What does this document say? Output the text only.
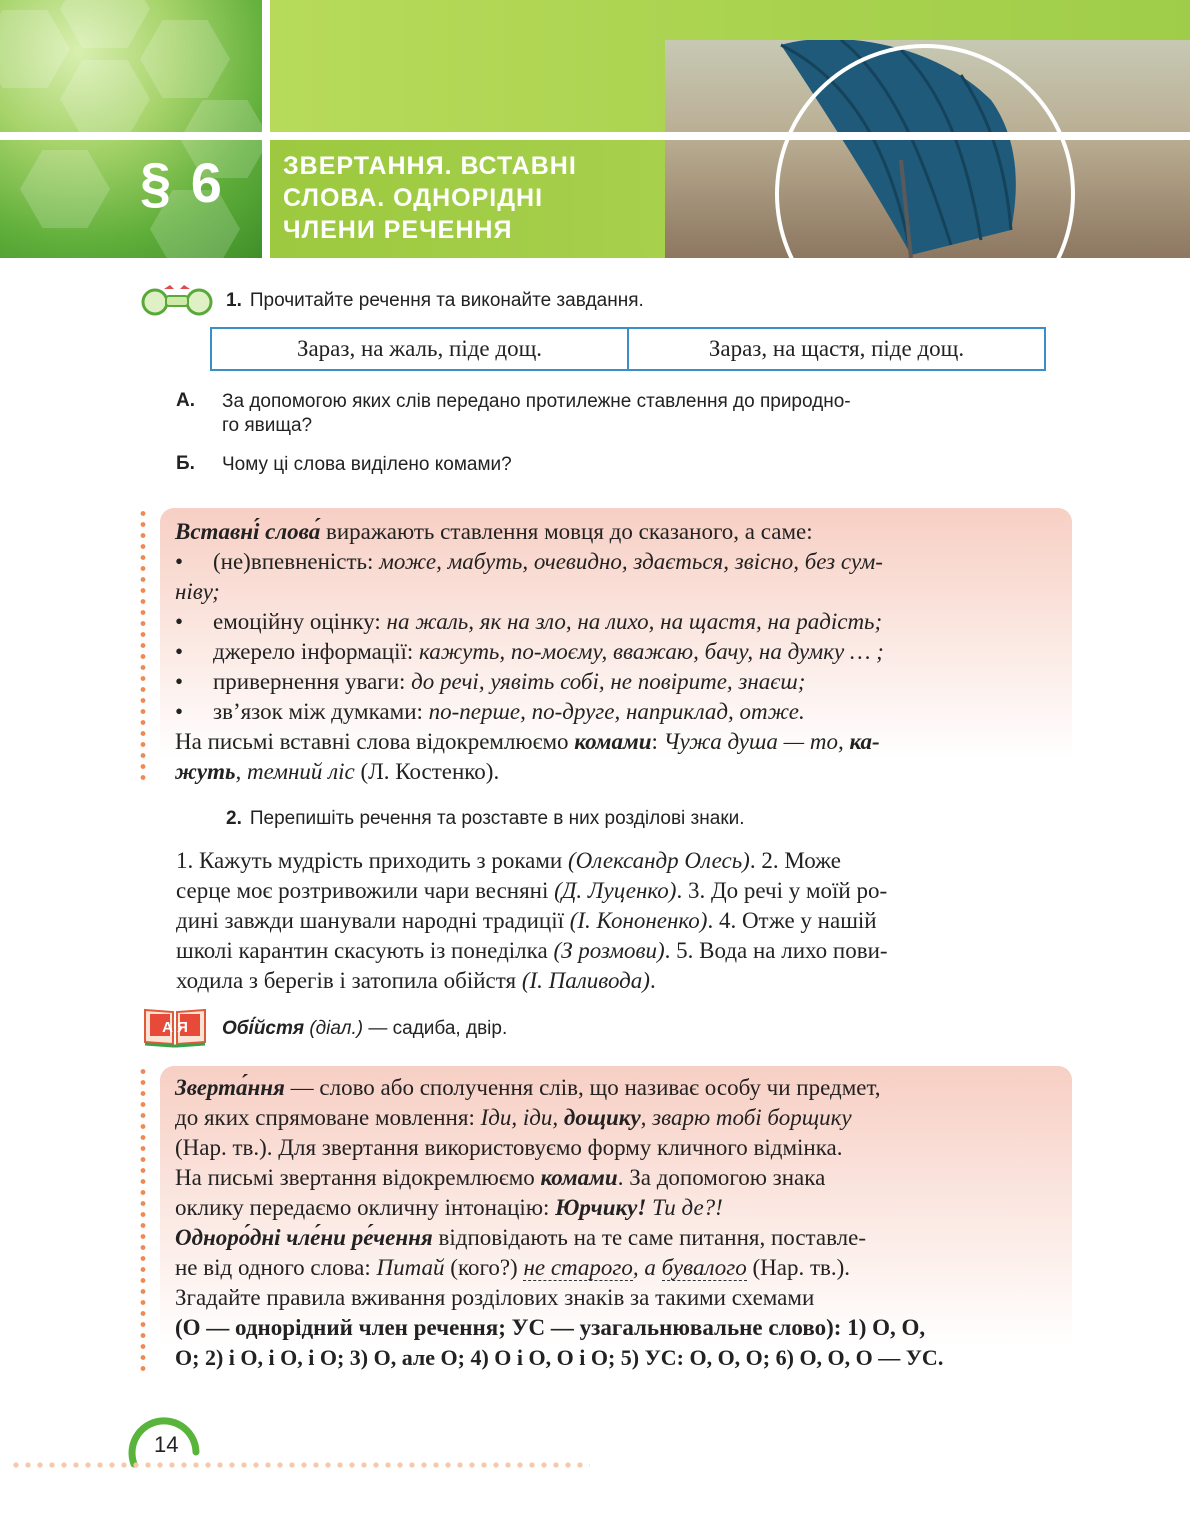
§ 6 ЗВЕРТАННЯ. ВСТАВНІ
СЛОВА. ОДНОРІДНІ
ЧЛЕНИ РЕЧЕННЯ
1. Прочитайте речення та виконайте завдання.
Зараз, на жаль, піде дощ.	Зараз, на щастя, піде дощ.
А. За допомогою яких слів передано протилежне ставлення до природно-
го явища?
Б. Чому ці слова виділено комами?
Вставні́ слова́ виражають ставлення мовця до сказаного, а саме:
• (не)впевненість: може, мабуть, очевидно, здається, звісно, без сум-
ніву;
• емоційну оцінку: на жаль, як на зло, на лихо, на щастя, на радість;
• джерело інформації: кажуть, по-моєму, вважаю, бачу, на думку … ;
• привернення уваги: до речі, уявіть собі, не повірите, знаєш;
• зв’язок між думками: по-перше, по-друге, наприклад, отже.
На письмі вставні слова відокремлюємо комами: Чужа душа — то, ка-
жуть, темний ліс (Л. Костенко).
2. Перепишіть речення та розставте в них розділові знаки.
1. Кажуть мудрість приходить з роками (Олександр Олесь). 2. Може
серце моє розтривожили чари весняні (Д. Луценко). 3. До речі у моїй ро-
дині завжди шанували народні традиції (І. Кононенко). 4. Отже у нашій
школі карантин скасують із понеділка (З розмови). 5. Вода на лихо пови-
ходила з берегів і затопила обійстя (І. Паливода).
А Я Обі́йстя (діал.) — садиба, двір.
Зверта́ння — слово або сполучення слів, що називає особу чи предмет,
до яких спрямоване мовлення: Іди, іди, дощику, зварю тобі борщику
(Нар. тв.). Для звертання використовуємо форму кличного відмінка.
На письмі звертання відокремлюємо комами. За допомогою знака
оклику передаємо окличну інтонацію: Юрчику! Ти де?!
Одноро́дні чле́ни ре́чення відповідають на те саме питання, поставле-
не від одного слова: Питай (кого?) не старого, а бувалого (Нар. тв.).
Згадайте правила вживання розділових знаків за такими схемами
(О — однорідний член речення; УС — узагальнювальне слово): 1) О, О,
О; 2) і О, і О, і О; 3) О, але О; 4) О і О, О і О; 5) УС: О, О, О; 6) О, О, О — УС.
14
